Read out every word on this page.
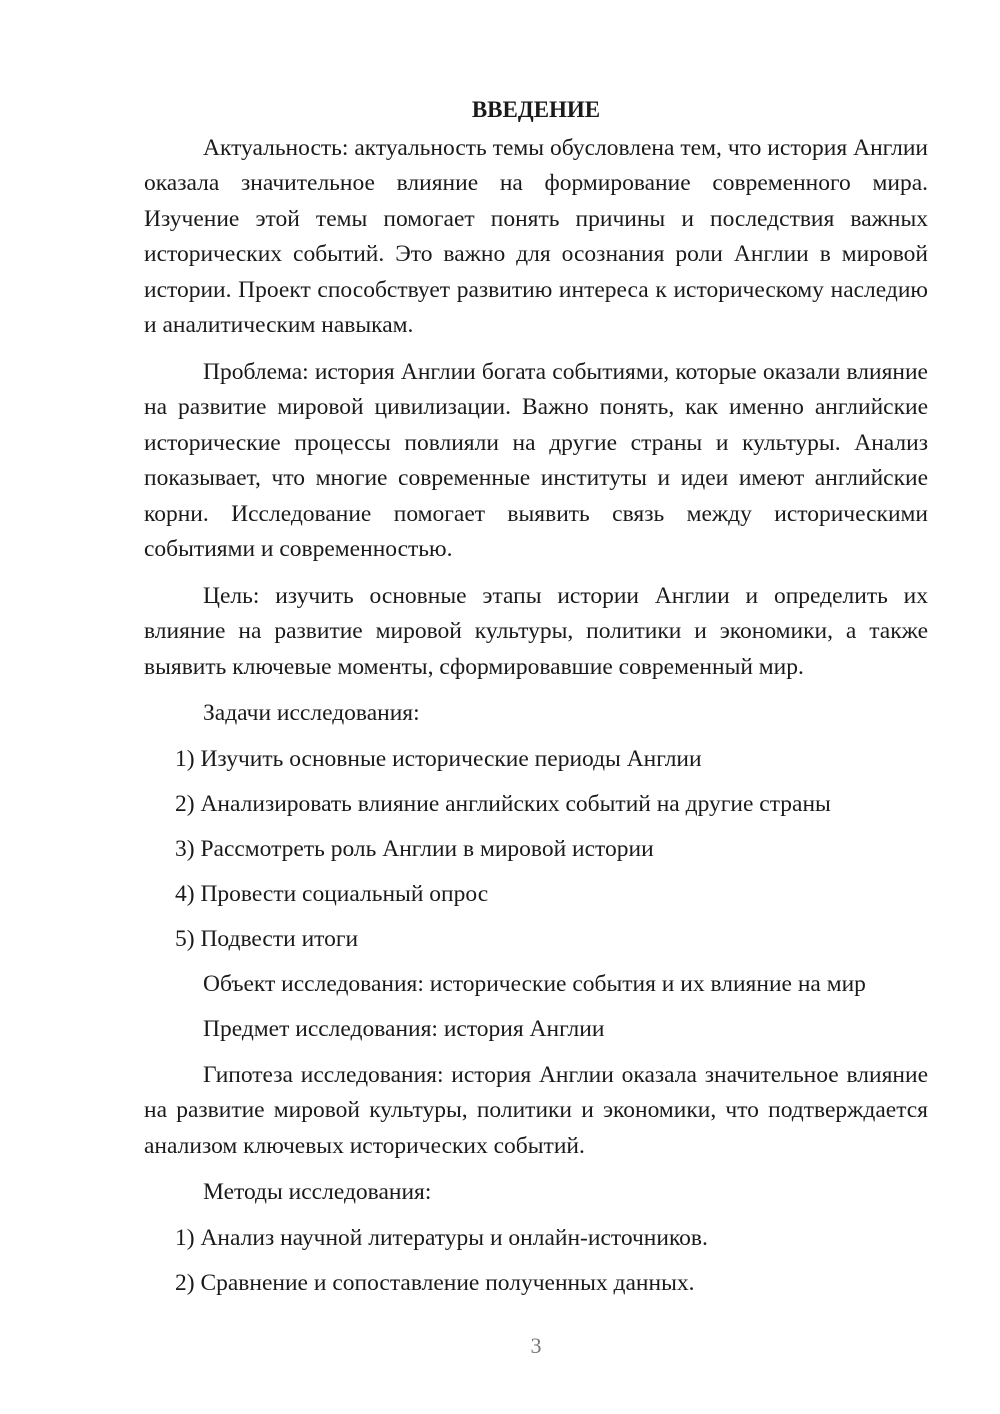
ВВЕДЕНИЕ

Актуальность: актуальность темы обусловлена тем, что история Англии оказала значительное влияние на формирование современного мира. Изучение этой темы помогает понять причины и последствия важных исторических событий. Это важно для осознания роли Англии в мировой истории. Проект способствует развитию интереса к историческому наследию и аналитическим навыкам.

Проблема: история Англии богата событиями, которые оказали влияние на развитие мировой цивилизации. Важно понять, как именно английские исторические процессы повлияли на другие страны и культуры. Анализ показывает, что многие современные институты и идеи имеют английские корни. Исследование помогает выявить связь между историческими событиями и современностью.

Цель: изучить основные этапы истории Англии и определить их влияние на развитие мировой культуры, политики и экономики, а также выявить ключевые моменты, сформировавшие современный мир.

Задачи исследования:

1) Изучить основные исторические периоды Англии

2) Анализировать влияние английских событий на другие страны

3) Рассмотреть роль Англии в мировой истории

4) Провести социальный опрос

5) Подвести итоги

Объект исследования: исторические события и их влияние на мир

Предмет исследования: история Англии

Гипотеза исследования: история Англии оказала значительное влияние на развитие мировой культуры, политики и экономики, что подтверждается анализом ключевых исторических событий.

Методы исследования:

1) Анализ научной литературы и онлайн-источников.

2) Сравнение и сопоставление полученных данных.

3
